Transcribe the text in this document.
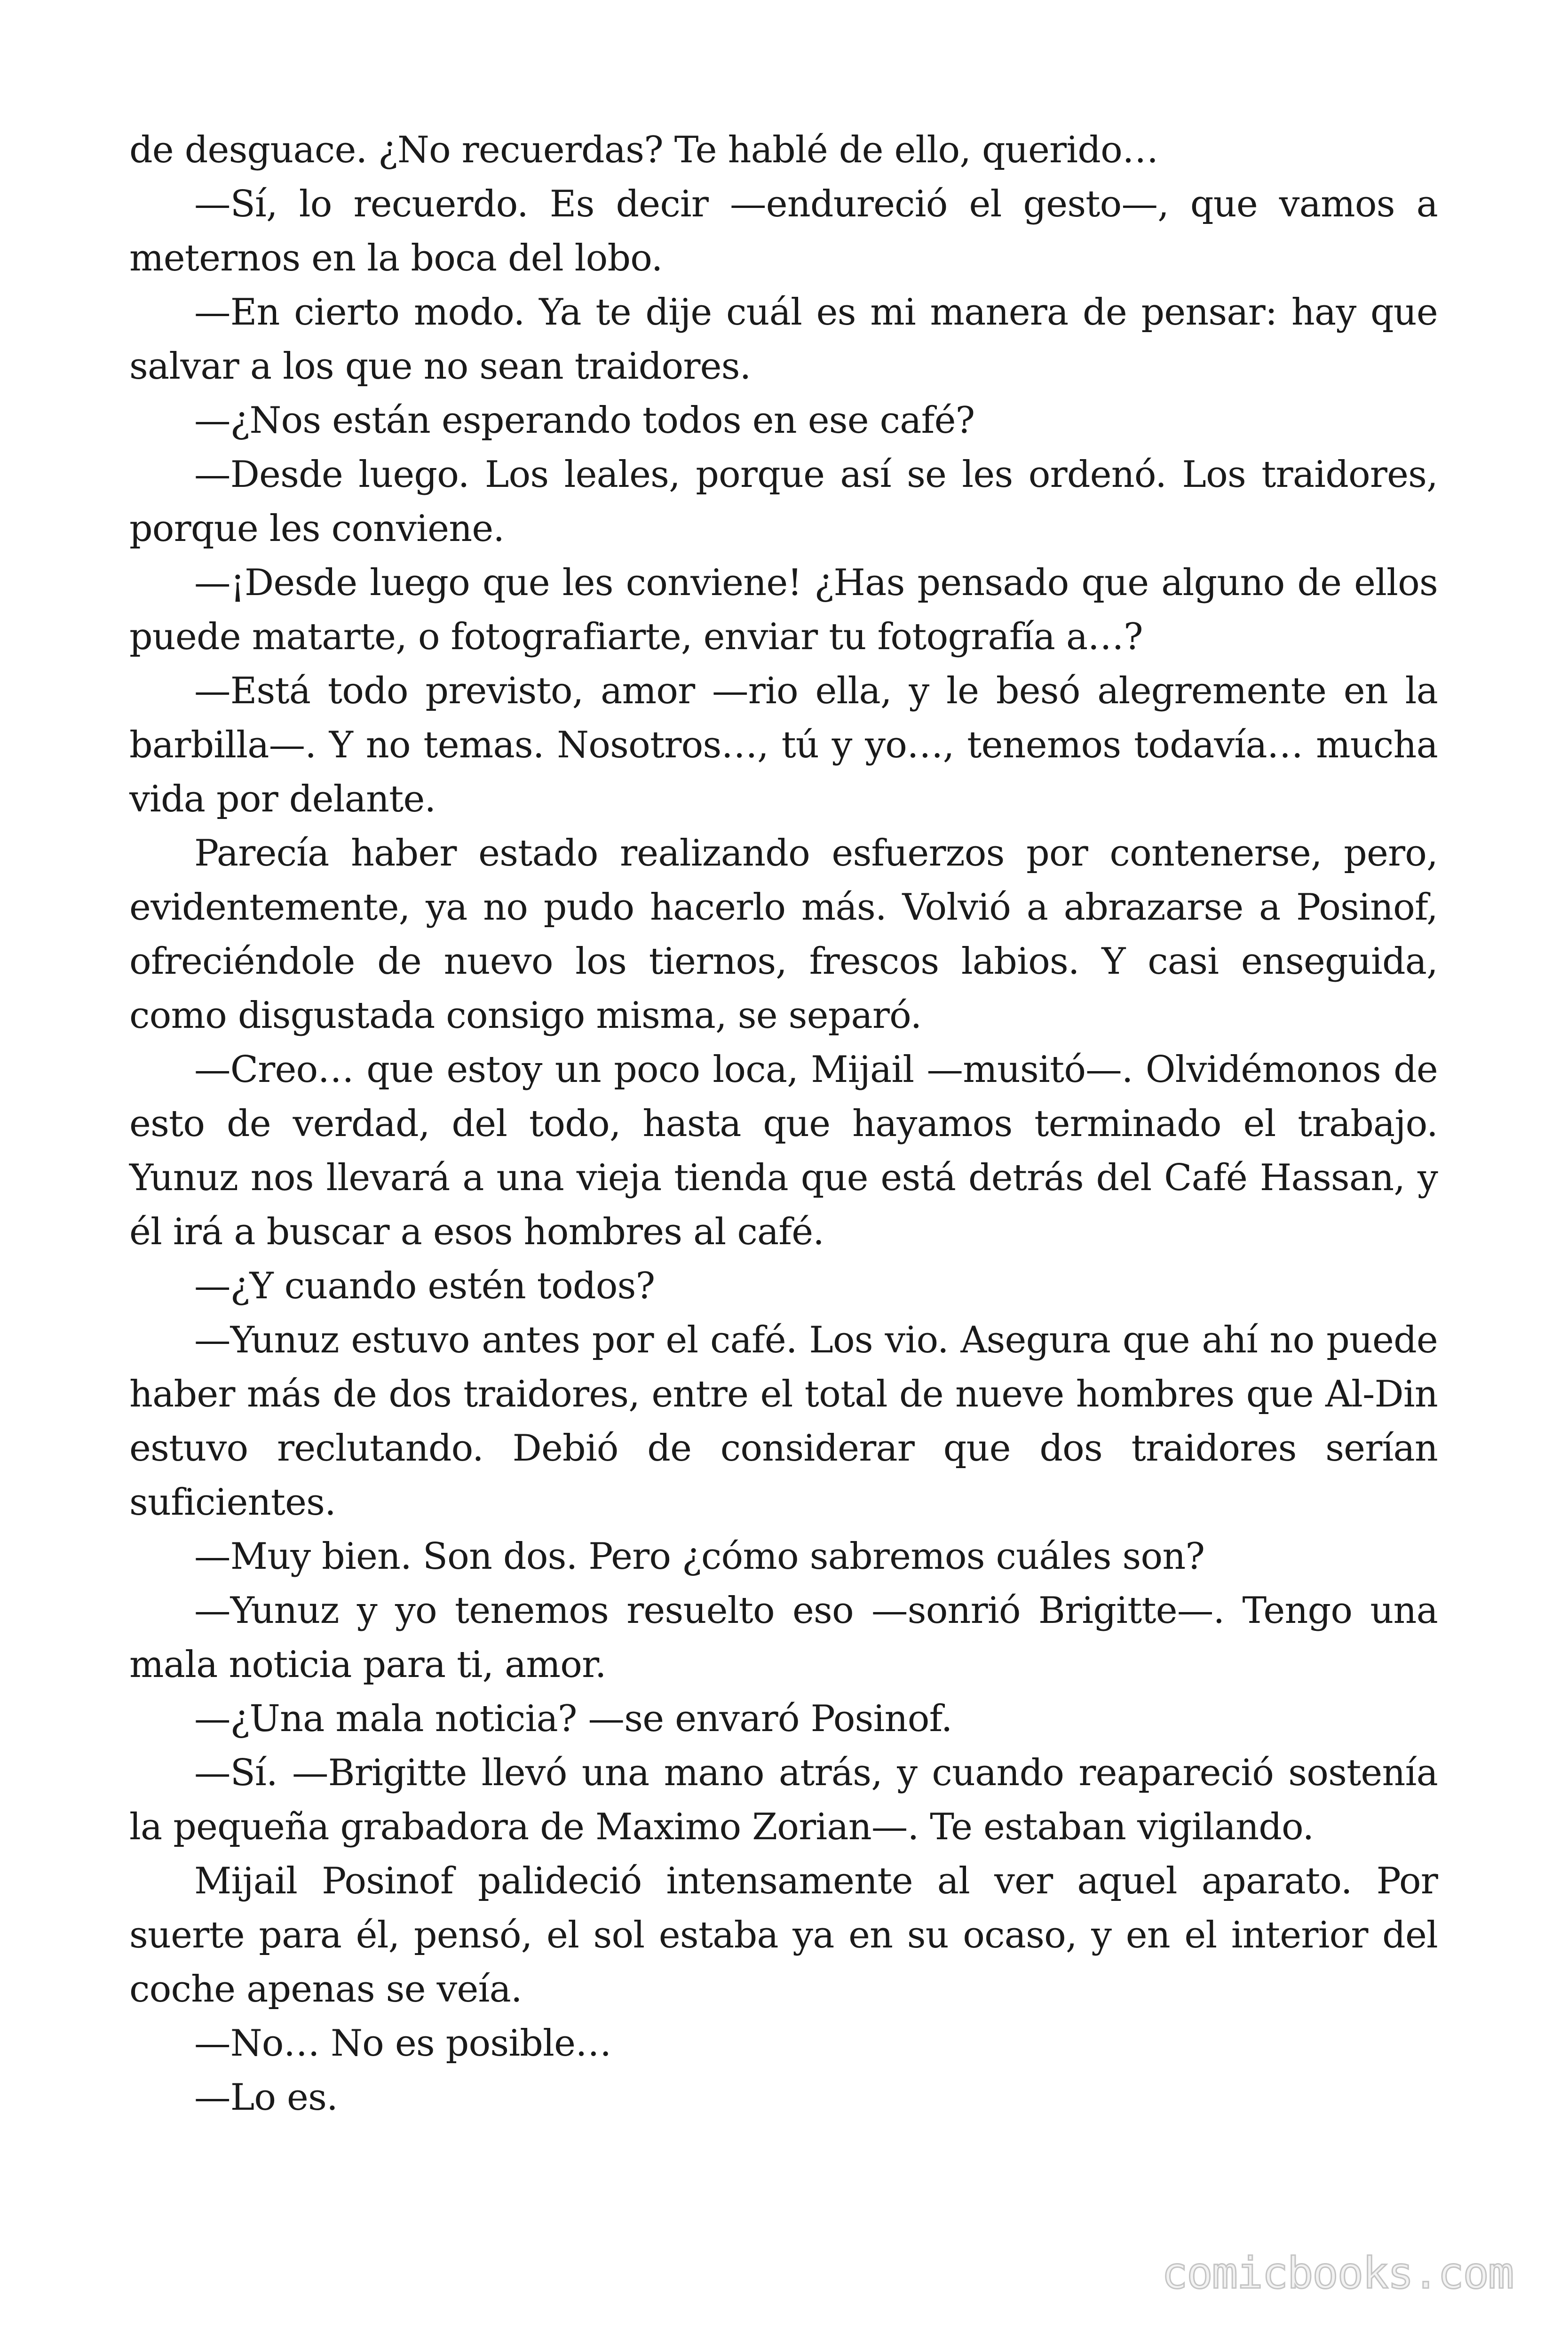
de desguace. ¿No recuerdas? Te hablé de ello, querido…

—Sí, lo recuerdo. Es decir —endureció el gesto—, que vamos a meternos en la boca del lobo.

—En cierto modo. Ya te dije cuál es mi manera de pensar: hay que salvar a los que no sean traidores.

—¿Nos están esperando todos en ese café?

—Desde luego. Los leales, porque así se les ordenó. Los traidores, porque les conviene.

—¡Desde luego que les conviene! ¿Has pensado que alguno de ellos puede matarte, o fotografiarte, enviar tu fotografía a…?

—Está todo previsto, amor —rio ella, y le besó alegremente en la barbilla—. Y no temas. Nosotros…, tú y yo…, tenemos todavía… mucha vida por delante.

Parecía haber estado realizando esfuerzos por contenerse, pero, evidentemente, ya no pudo hacerlo más. Volvió a abrazarse a Posinof, ofreciéndole de nuevo los tiernos, frescos labios. Y casi enseguida, como disgustada consigo misma, se separó.

—Creo… que estoy un poco loca, Mijail —musitó—. Olvidémonos de esto de verdad, del todo, hasta que hayamos terminado el trabajo. Yunuz nos llevará a una vieja tienda que está detrás del Café Hassan, y él irá a buscar a esos hombres al café.

—¿Y cuando estén todos?

—Yunuz estuvo antes por el café. Los vio. Asegura que ahí no puede haber más de dos traidores, entre el total de nueve hombres que Al-Din estuvo reclutando. Debió de considerar que dos traidores serían suficientes.

—Muy bien. Son dos. Pero ¿cómo sabremos cuáles son?

—Yunuz y yo tenemos resuelto eso —sonrió Brigitte—. Tengo una mala noticia para ti, amor.

—¿Una mala noticia? —se envaró Posinof.

—Sí. —Brigitte llevó una mano atrás, y cuando reapareció sostenía la pequeña grabadora de Maximo Zorian—. Te estaban vigilando.

Mijail Posinof palideció intensamente al ver aquel aparato. Por suerte para él, pensó, el sol estaba ya en su ocaso, y en el interior del coche apenas se veía.

—No… No es posible…

—Lo es.

comicbooks.com
